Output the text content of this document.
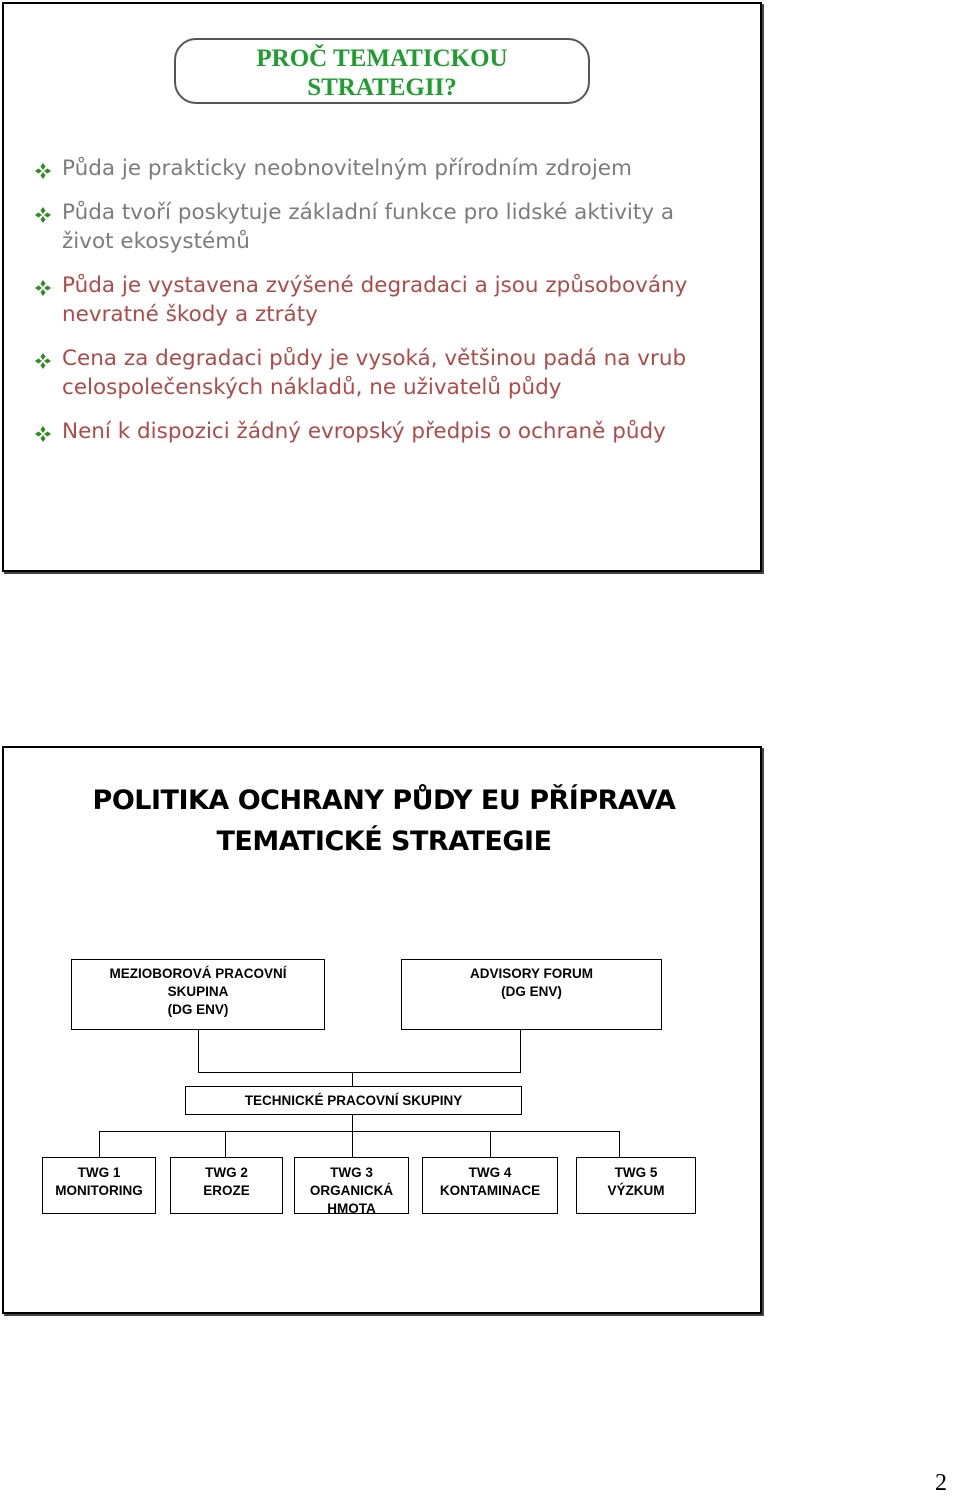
PROČ TEMATICKOU
STRATEGII?
Půda je prakticky neobnovitelným přírodním zdrojem
Půda tvoří poskytuje základní funkce pro lidské aktivity a život ekosystémů
Půda je vystavena zvýšené degradaci a jsou způsobovány nevratné škody a ztráty
Cena za degradaci půdy je vysoká, většinou padá na vrub celospolečenských nákladů, ne uživatelů půdy
Není k dispozici žádný evropský předpis o ochraně půdy
POLITIKA OCHRANY PŮDY EU PŘÍPRAVA
TEMATICKÉ STRATEGIE
MEZIOBOROVÁ PRACOVNÍ
SKUPINA
(DG ENV)
ADVISORY FORUM
(DG ENV)
TECHNICKÉ PRACOVNÍ SKUPINY
TWG 1
MONITORING
TWG 2
EROZE
TWG 3
ORGANICKÁ
HMOTA
TWG 4
KONTAMINACE
TWG 5
VÝZKUM
2
